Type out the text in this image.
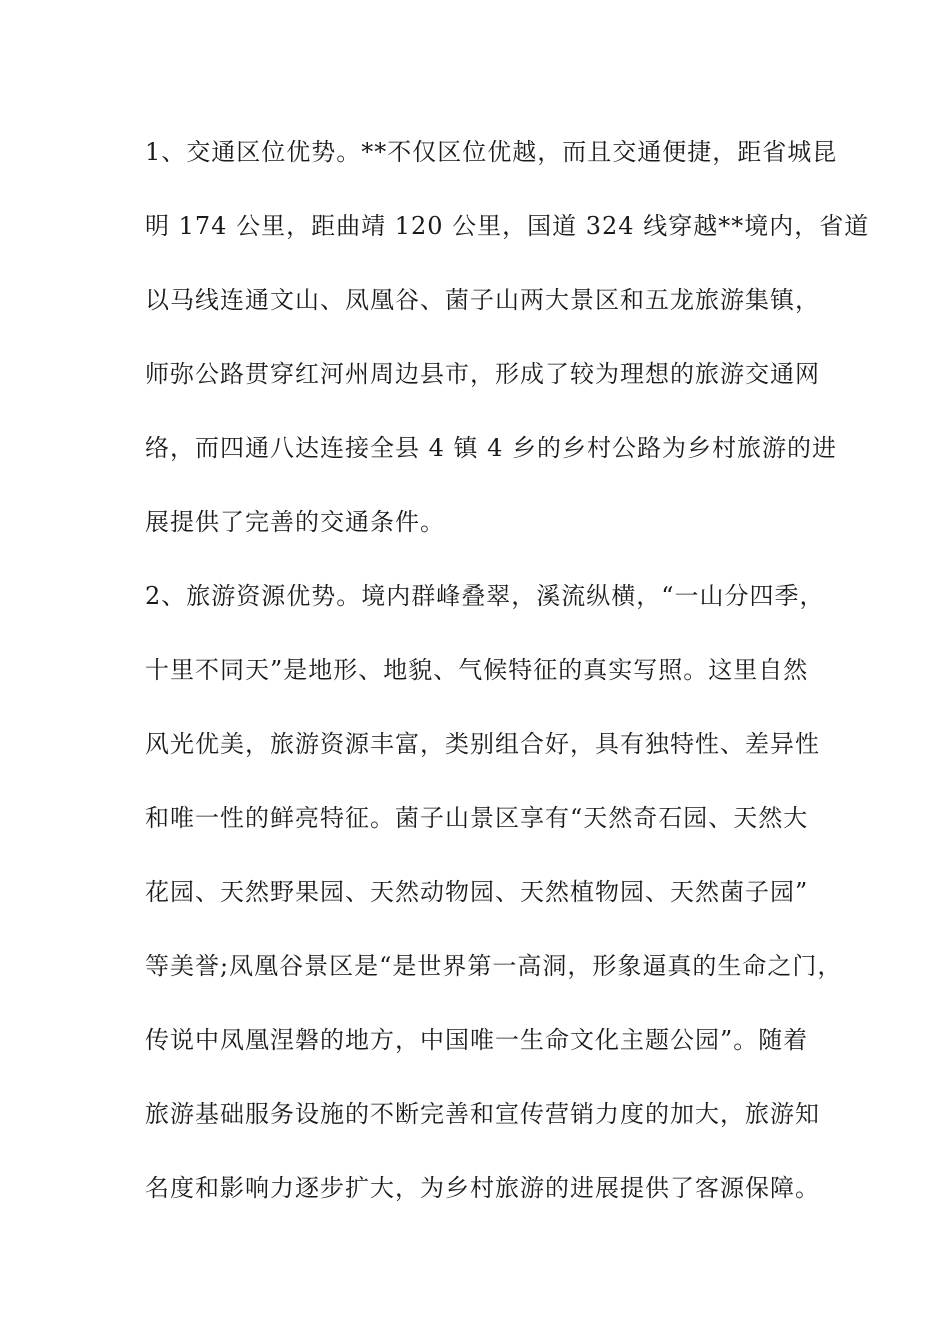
1、交通区位优势。**不仅区位优越，而且交通便捷，距省城昆
明 174 公里，距曲靖 120 公里，国道 324 线穿越**境内，省道
以马线连通文山、凤凰谷、菌子山两大景区和五龙旅游集镇，
师弥公路贯穿红河州周边县市，形成了较为理想的旅游交通网
络，而四通八达连接全县 4 镇 4 乡的乡村公路为乡村旅游的进
展提供了完善的交通条件。
2、旅游资源优势。境内群峰叠翠，溪流纵横，“一山分四季，
十里不同天”是地形、地貌、气候特征的真实写照。这里自然
风光优美，旅游资源丰富，类别组合好，具有独特性、差异性
和唯一性的鲜亮特征。菌子山景区享有“天然奇石园、天然大
花园、天然野果园、天然动物园、天然植物园、天然菌子园”
等美誉;凤凰谷景区是“是世界第一高洞，形象逼真的生命之门，
传说中凤凰涅磐的地方，中国唯一生命文化主题公园”。随着
旅游基础服务设施的不断完善和宣传营销力度的加大，旅游知
名度和影响力逐步扩大，为乡村旅游的进展提供了客源保障。
